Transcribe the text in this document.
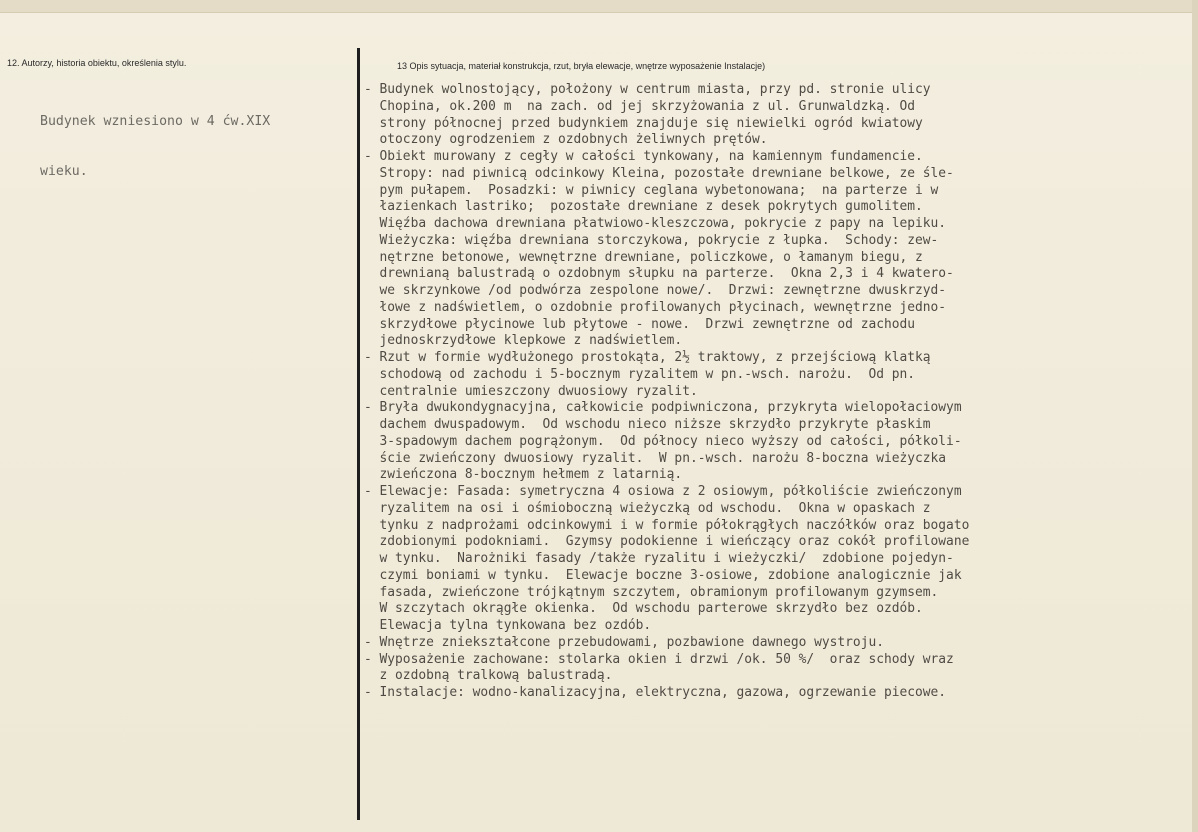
12. Autorzy, historia obiektu, określenia stylu.	13 Opis sytuacja, materiał konstrukcja, rzut, bryła elewacje, wnętrze wyposażenie Instalacje)

Budynek wzniesiono w 4 ćw.XIX

wieku.

- Budynek wolnostojący, położony w centrum miasta, przy pd. stronie ulicy
Chopina, ok.200 m  na zach. od jej skrzyżowania z ul. Grunwaldzką. Od
strony północnej przed budynkiem znajduje się niewielki ogród kwiatowy
otoczony ogrodzeniem z ozdobnych żeliwnych prętów.
- Obiekt murowany z cegły w całości tynkowany, na kamiennym fundamencie.
Stropy: nad piwnicą odcinkowy Kleina, pozostałe drewniane belkowe, ze śle-
pym pułapem.  Posadzki: w piwnicy ceglana wybetonowana;  na parterze i w
łazienkach lastriko;  pozostałe drewniane z desek pokrytych gumolitem.
Więźba dachowa drewniana płatwiowo-kleszczowa, pokrycie z papy na lepiku.
Wieżyczka: więźba drewniana storczykowa, pokrycie z łupka.  Schody: zew-
nętrzne betonowe, wewnętrzne drewniane, policzkowe, o łamanym biegu, z
drewnianą balustradą o ozdobnym słupku na parterze.  Okna 2,3 i 4 kwatero-
we skrzynkowe /od podwórza zespolone nowe/.  Drzwi: zewnętrzne dwuskrzyd-
łowe z nadświetlem, o ozdobnie profilowanych płycinach, wewnętrzne jedno-
skrzydłowe płycinowe lub płytowe - nowe.  Drzwi zewnętrzne od zachodu
jednoskrzydłowe klepkowe z nadświetlem.
- Rzut w formie wydłużonego prostokąta, 2½ traktowy, z przejściową klatką
schodową od zachodu i 5-bocznym ryzalitem w pn.-wsch. narożu.  Od pn.
centralnie umieszczony dwuosiowy ryzalit.
- Bryła dwukondygnacyjna, całkowicie podpiwniczona, przykryta wielopołaciowym
dachem dwuspadowym.  Od wschodu nieco niższe skrzydło przykryte płaskim
3-spadowym dachem pogrążonym.  Od północy nieco wyższy od całości, półkoli-
ście zwieńczony dwuosiowy ryzalit.  W pn.-wsch. narożu 8-boczna wieżyczka
zwieńczona 8-bocznym hełmem z latarnią.
- Elewacje: Fasada: symetryczna 4 osiowa z 2 osiowym, półkoliście zwieńczonym
ryzalitem na osi i ośmioboczną wieżyczką od wschodu.  Okna w opaskach z
tynku z nadprożami odcinkowymi i w formie półokrągłych naczółków oraz bogato
zdobionymi podokniami.  Gzymsy podokienne i wieńczący oraz cokół profilowane
w tynku.  Narożniki fasady /także ryzalitu i wieżyczki/  zdobione pojedyn-
czymi boniami w tynku.  Elewacje boczne 3-osiowe, zdobione analogicznie jak
fasada, zwieńczone trójkątnym szczytem, obramionym profilowanym gzymsem.
W szczytach okrągłe okienka.  Od wschodu parterowe skrzydło bez ozdób.
Elewacja tylna tynkowana bez ozdób.
- Wnętrze zniekształcone przebudowami, pozbawione dawnego wystroju.
- Wyposażenie zachowane: stolarka okien i drzwi /ok. 50 %/  oraz schody wraz
z ozdobną tralkową balustradą.
- Instalacje: wodno-kanalizacyjna, elektryczna, gazowa, ogrzewanie piecowe.
